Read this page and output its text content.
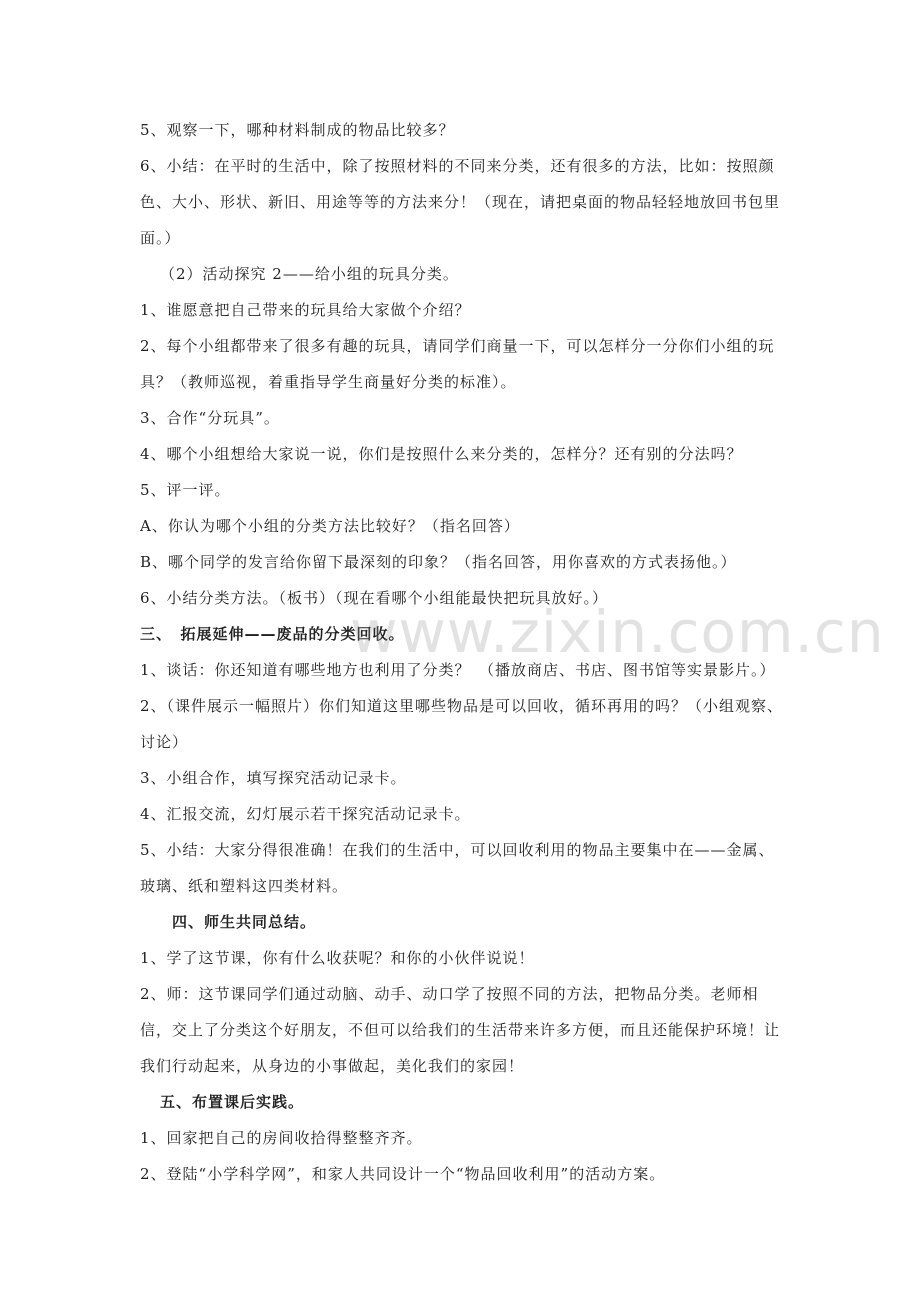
5、观察一下，哪种材料制成的物品比较多？

6、小结：在平时的生活中，除了按照材料的不同来分类，还有很多的方法，比如：按照颜色、大小、形状、新旧、用途等等的方法来分！（现在，请把桌面的物品轻轻地放回书包里面。）

（2）活动探究 2——给小组的玩具分类。

1、谁愿意把自己带来的玩具给大家做个介绍？

2、每个小组都带来了很多有趣的玩具，请同学们商量一下，可以怎样分一分你们小组的玩具？（教师巡视，着重指导学生商量好分类的标准）。

3、合作“分玩具”。

4、哪个小组想给大家说一说，你们是按照什么来分类的，怎样分？还有别的分法吗？

5、评一评。

A、你认为哪个小组的分类方法比较好？（指名回答）

B、哪个同学的发言给你留下最深刻的印象？（指名回答，用你喜欢的方式表扬他。）

6、小结分类方法。（板书）（现在看哪个小组能最快把玩具放好。）

三、　拓展延伸——废品的分类回收。

1、谈话：你还知道有哪些地方也利用了分类？　（播放商店、书店、图书馆等实景影片。）

2、（课件展示一幅照片）你们知道这里哪些物品是可以回收，循环再用的吗？（小组观察、讨论）

3、小组合作，填写探究活动记录卡。

4、汇报交流，幻灯展示若干探究活动记录卡。

5、小结：大家分得很准确！在我们的生活中，可以回收利用的物品主要集中在——金属、玻璃、纸和塑料这四类材料。

四、师生共同总结。

1、学了这节课，你有什么收获呢？和你的小伙伴说说！

2、师：这节课同学们通过动脑、动手、动口学了按照不同的方法，把物品分类。老师相信，交上了分类这个好朋友，不但可以给我们的生活带来许多方便，而且还能保护环境！让我们行动起来，从身边的小事做起，美化我们的家园！

五、布置课后实践。

1、回家把自己的房间收拾得整整齐齐。

2、登陆“小学科学网”，和家人共同设计一个“物品回收利用”的活动方案。

www.zixin.com.cn
